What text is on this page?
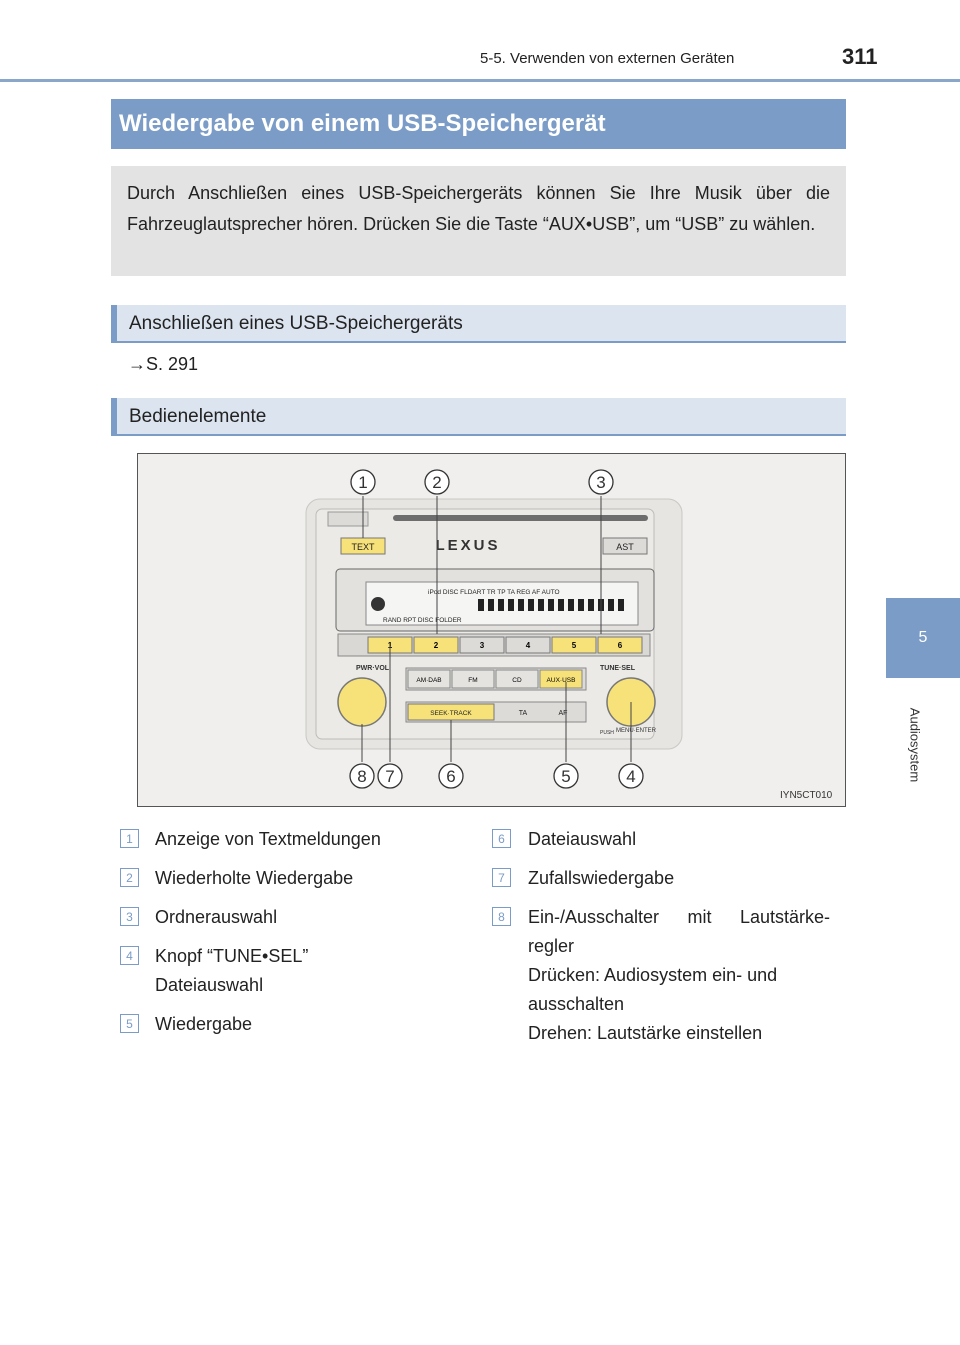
5-5. Verwenden von externen Geräten	311
5
Audiosystem
Wiedergabe von einem USB-Speichergerät
Durch Anschließen eines USB-Speichergeräts können Sie Ihre Musik über die Fahrzeuglautsprecher hören. Drücken Sie die Taste “AUX•USB”, um “USB” zu wählen.
Anschließen eines USB-Speichergeräts
→S. 291
Bedienelemente
TEXT	LEXUS	AST
iPod DISC FLDART TR TP TA REG AF AUTO
RAND RPT DISC FOLDER
1	2	3	4	5	6
PWR·VOL	TUNE·SEL
PUSH MENU·ENTER
AM·DAB	FM	CD	AUX·USB
SEEK·TRACK	TA	AF
1	2	3
4
5
6
7
8
IYN5CT010
1	Anzeige von Textmeldungen
2	Wiederholte Wiedergabe
3	Ordnerauswahl
4	Knopf “TUNE•SEL”
Dateiauswahl
5	Wiedergabe
6	Dateiauswahl
7	Zufallswiedergabe
8	Ein-/Ausschalter mit Lautstärke-
regler
Drücken: Audiosystem ein- und
ausschalten
Drehen: Lautstärke einstellen
